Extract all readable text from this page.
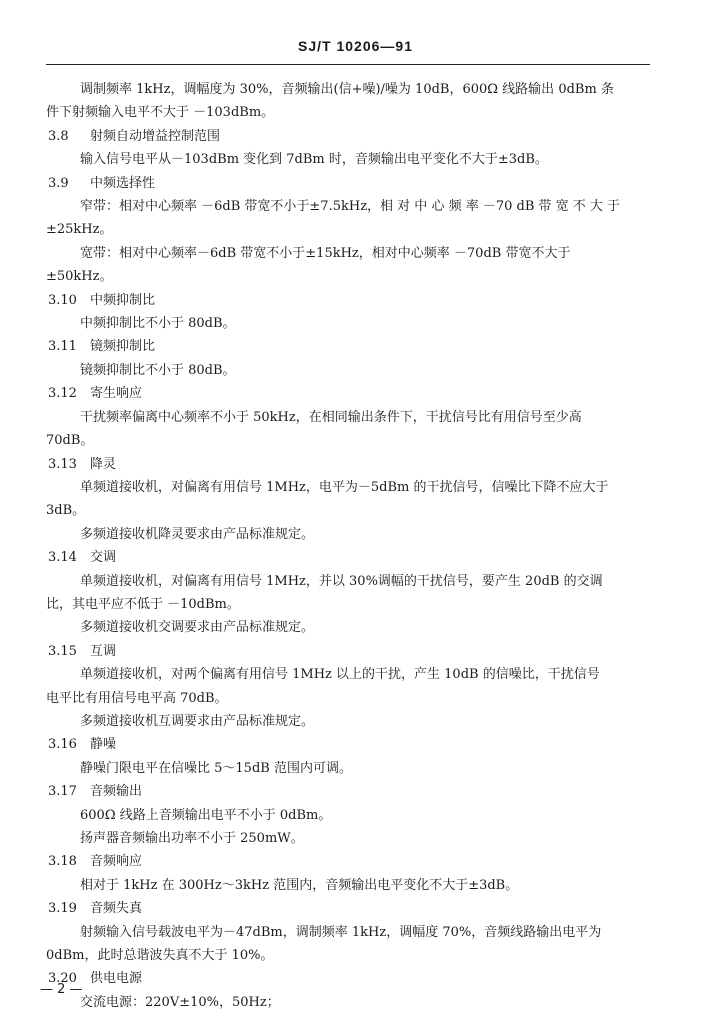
SJ/T 10206—91
调制频率 1kHz，调幅度为 30%，音频输出(信+噪)/噪为 10dB，600Ω 线路输出 0dBm 条
件下射频输入电平不大于 －103dBm。
3.8 射频自动增益控制范围
输入信号电平从－103dBm 变化到 7dBm 时，音频输出电平变化不大于±3dB。
3.9 中频选择性
窄带：相对中心频率 －6dB 带宽不小于±7.5kHz，相 对 中 心 频 率 －70 dB 带 宽 不 大 于
±25kHz。
宽带：相对中心频率－6dB 带宽不小于±15kHz，相对中心频率 －70dB 带宽不大于
±50kHz。
3.10 中频抑制比
中频抑制比不小于 80dB。
3.11 镜频抑制比
镜频抑制比不小于 80dB。
3.12 寄生响应
干扰频率偏离中心频率不小于 50kHz，在相同输出条件下，干扰信号比有用信号至少高
70dB。
3.13 降灵
单频道接收机，对偏离有用信号 1MHz，电平为－5dBm 的干扰信号，信噪比下降不应大于
3dB。
多频道接收机降灵要求由产品标准规定。
3.14 交调
单频道接收机，对偏离有用信号 1MHz，并以 30%调幅的干扰信号，要产生 20dB 的交调
比，其电平应不低于 －10dBm。
多频道接收机交调要求由产品标准规定。
3.15 互调
单频道接收机，对两个偏离有用信号 1MHz 以上的干扰，产生 10dB 的信噪比，干扰信号
电平比有用信号电平高 70dB。
多频道接收机互调要求由产品标准规定。
3.16 静噪
静噪门限电平在信噪比 5～15dB 范围内可调。
3.17 音频输出
600Ω 线路上音频输出电平不小于 0dBm。
扬声器音频输出功率不小于 250mW。
3.18 音频响应
相对于 1kHz 在 300Hz～3kHz 范围内，音频输出电平变化不大于±3dB。
3.19 音频失真
射频输入信号载波电平为－47dBm，调制频率 1kHz，调幅度 70%，音频线路输出电平为
0dBm，此时总谐波失真不大于 10%。
3.20 供电电源
交流电源：220V±10%，50Hz；
— 2 —
